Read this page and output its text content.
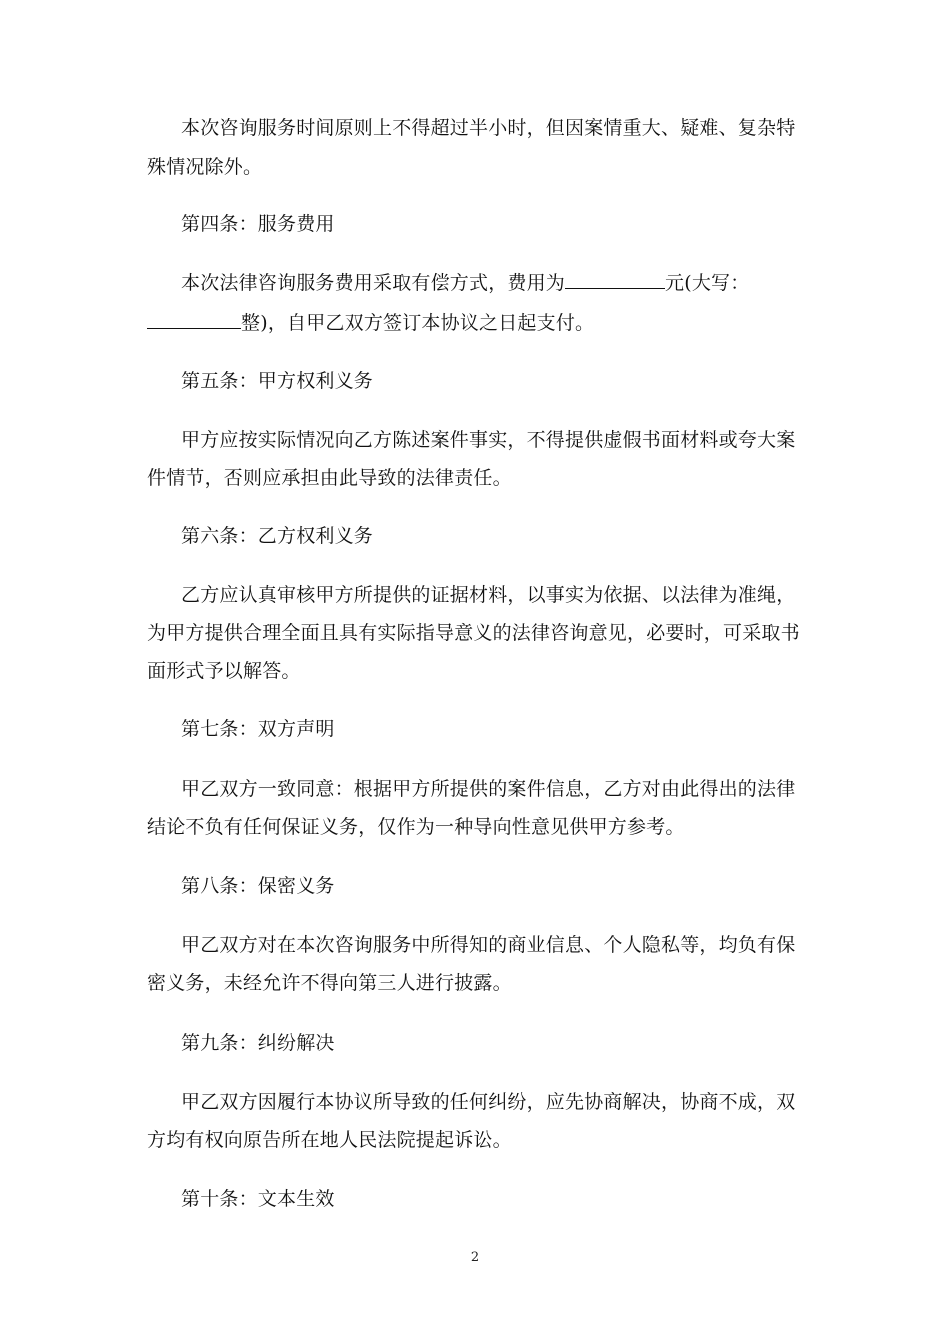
本次咨询服务时间原则上不得超过半小时，但因案情重大、疑难、复杂特
殊情况除外。
第四条：服务费用
本次法律咨询服务费用采取有偿方式，费用为	元(大写：
整)，自甲乙双方签订本协议之日起支付。
第五条：甲方权利义务
甲方应按实际情况向乙方陈述案件事实，不得提供虚假书面材料或夸大案
件情节，否则应承担由此导致的法律责任。
第六条：乙方权利义务
乙方应认真审核甲方所提供的证据材料，以事实为依据、以法律为准绳，
为甲方提供合理全面且具有实际指导意义的法律咨询意见，必要时，可采取书
面形式予以解答。
第七条：双方声明
甲乙双方一致同意：根据甲方所提供的案件信息，乙方对由此得出的法律
结论不负有任何保证义务，仅作为一种导向性意见供甲方参考。
第八条：保密义务
甲乙双方对在本次咨询服务中所得知的商业信息、个人隐私等，均负有保
密义务，未经允许不得向第三人进行披露。
第九条：纠纷解决
甲乙双方因履行本协议所导致的任何纠纷，应先协商解决，协商不成，双
方均有权向原告所在地人民法院提起诉讼。
第十条：文本生效
2
